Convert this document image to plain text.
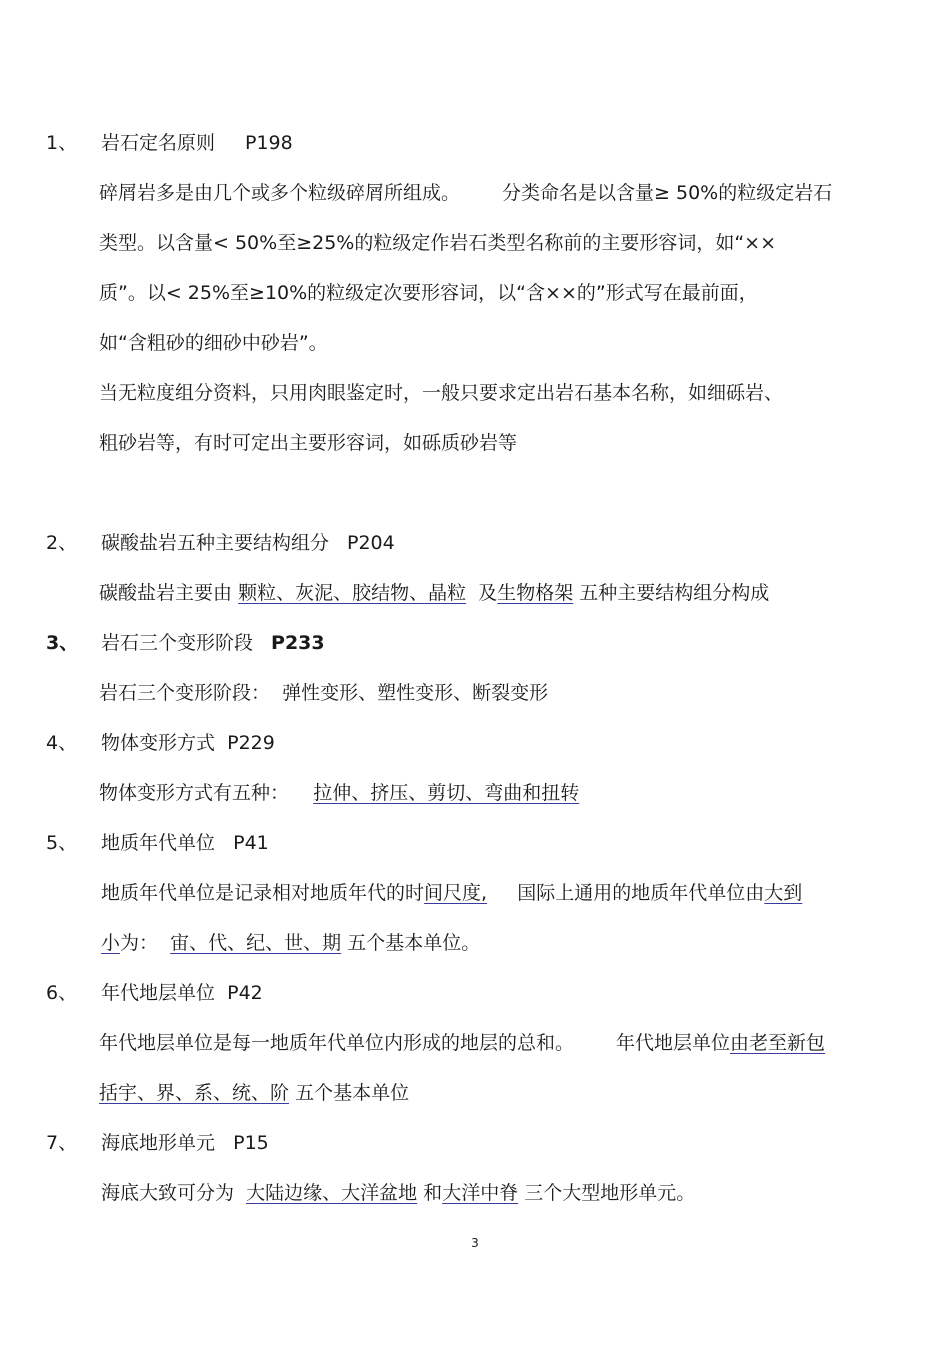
1、 岩石定名原则 P198
碎屑岩多是由几个或多个粒级碎屑所组成。 分类命名是以含量≥ 50%的粒级定岩石
类型。以含量< 50%至≥25%的粒级定作岩石类型名称前的主要形容词，如“××
质”。以< 25%至≥10%的粒级定次要形容词，以“含××的”形式写在最前面，
如“含粗砂的细砂中砂岩”。
当无粒度组分资料，只用肉眼鉴定时，一般只要求定出岩石基本名称，如细砾岩、
粗砂岩等，有时可定出主要形容词，如砾质砂岩等
2、 碳酸盐岩五种主要结构组分 P204
碳酸盐岩主要由 颗粒、灰泥、胶结物、晶粒 及生物格架 五种主要结构组分构成
3、 岩石三个变形阶段 P233
岩石三个变形阶段： 弹性变形、塑性变形、断裂变形
4、 物体变形方式 P229
物体变形方式有五种： 拉伸、挤压、剪切、弯曲和扭转
5、 地质年代单位 P41
地质年代单位是记录相对地质年代的时间尺度, 国际上通用的地质年代单位由大到
小为： 宙、代、纪、世、期 五个基本单位。
6、 年代地层单位 P42
年代地层单位是每一地质年代单位内形成的地层的总和。 年代地层单位由老至新包
括宇、界、系、统、阶 五个基本单位
7、 海底地形单元 P15
海底大致可分为 大陆边缘、大洋盆地 和大洋中脊 三个大型地形单元。
3
